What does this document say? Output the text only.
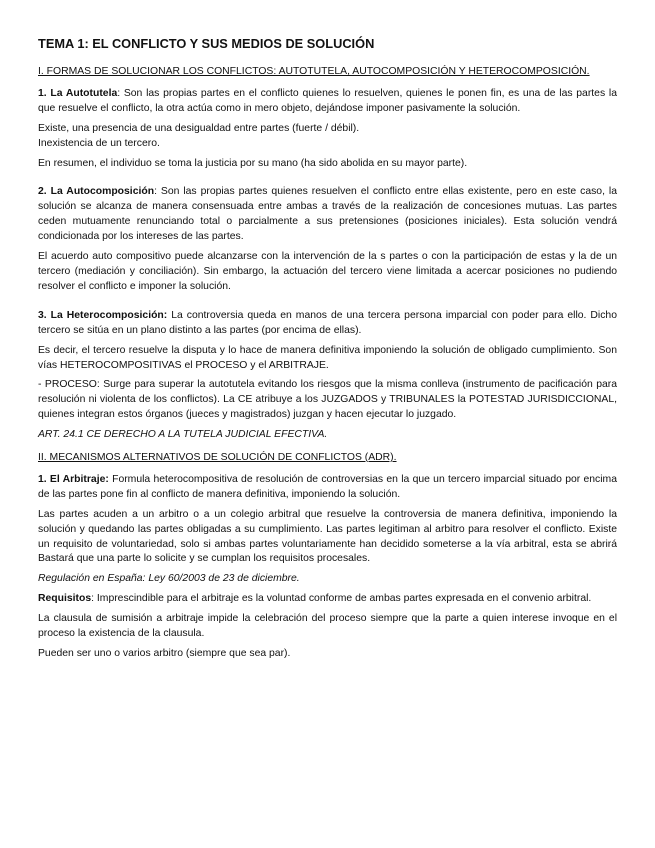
TEMA 1: EL CONFLICTO Y SUS MEDIOS DE SOLUCIÓN
I. FORMAS DE SOLUCIONAR LOS CONFLICTOS: AUTOTUTELA, AUTOCOMPOSICIÓN Y HETEROCOMPOSICIÓN.

1. La Autotutela: Son las propias partes en el conflicto quienes lo resuelven, quienes le ponen fin, es una de las partes la que resuelve el conflicto, la otra actúa como in mero objeto, dejándose imponer pasivamente la solución.

Existe, una presencia de una desigualdad entre partes (fuerte / débil).

Inexistencia de un tercero.

En resumen, el individuo se toma la justicia por su mano (ha sido abolida en su mayor parte).

2. La Autocomposición: Son las propias partes quienes resuelven el conflicto entre ellas existente, pero en este caso, la solución se alcanza de manera consensuada entre ambas a través de la realización de concesiones mutuas. Las partes ceden mutuamente renunciando total o parcialmente a sus pretensiones (posiciones iniciales). Esta solución vendrá condicionada por los intereses de las partes.

El acuerdo auto compositivo puede alcanzarse con la intervención de la s partes o con la participación de estas y la de un tercero (mediación y conciliación). Sin embargo, la actuación del tercero viene limitada a acercar posiciones no pudiendo resolver el conflicto e imponer la solución.

3. La Heterocomposición: La controversia queda en manos de una tercera persona imparcial con poder para ello. Dicho tercero se sitúa en un plano distinto a las partes (por encima de ellas).

Es decir, el tercero resuelve la disputa y lo hace de manera definitiva imponiendo la solución de obligado cumplimiento. Son vías HETEROCOMPOSITIVAS el PROCESO y el ARBITRAJE.

- PROCESO: Surge para superar la autotutela evitando los riesgos que la misma conlleva (instrumento de pacificación para resolución ni violenta de los conflictos). La CE atribuye a los JUZGADOS y TRIBUNALES la POTESTAD JURISDICCIONAL, quienes integran estos órganos (jueces y magistrados) juzgan y hacen ejecutar lo juzgado.

ART. 24.1 CE DERECHO A LA TUTELA JUDICIAL EFECTIVA.

II. MECANISMOS ALTERNATIVOS DE SOLUCIÓN DE CONFLICTOS (ADR).

1. El Arbitraje: Formula heterocompositiva de resolución de controversias en la que un tercero imparcial situado por encima de las partes pone fin al conflicto de manera definitiva, imponiendo la solución.

Las partes acuden a un arbitro o a un colegio arbitral que resuelve la controversia de manera definitiva, imponiendo la solución y quedando las partes obligadas a su cumplimiento. Las partes legitiman al arbitro para resolver el conflicto. Existe un requisito de voluntariedad, solo si ambas partes voluntariamente han decidido someterse a la vía arbitral, esta se abrirá Bastará que una parte lo solicite y se cumplan los requisitos procesales.

Regulación en España: Ley 60/2003 de 23 de diciembre.

Requisitos: Imprescindible para el arbitraje es la voluntad conforme de ambas partes expresada en el convenio arbitral.

La clausula de sumisión a arbitraje impide la celebración del proceso siempre que la parte a quien interese invoque en el proceso la existencia de la clausula.

Pueden ser uno o varios arbitro (siempre que sea par).
